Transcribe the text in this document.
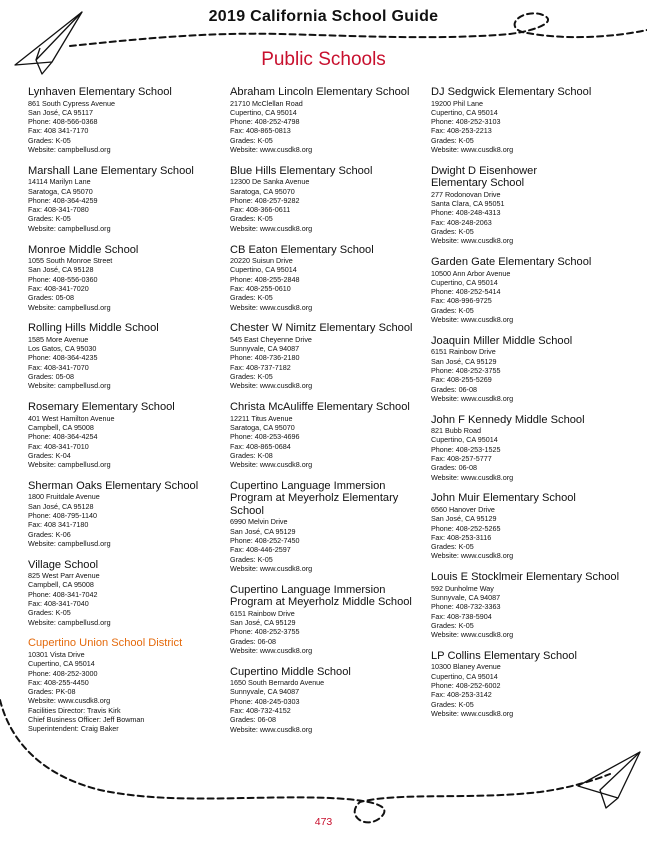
2019 California School Guide
Public Schools
Lynhaven Elementary School
861 South Cypress Avenue
San José, CA 95117
Phone: 408-566-0368
Fax: 408 341-7170
Grades: K-05
Website: campbellusd.org
Marshall Lane Elementary School
14114 Marilyn Lane
Saratoga, CA 95070
Phone: 408-364-4259
Fax: 408-341-7080
Grades: K-05
Website: campbellusd.org
Monroe Middle School
1055 South Monroe Street
San José, CA 95128
Phone: 408-556-0360
Fax: 408-341-7020
Grades: 05-08
Website: campbellusd.org
Rolling Hills Middle School
1585 More Avenue
Los Gatos, CA 95030
Phone: 408-364-4235
Fax: 408-341-7070
Grades: 05-08
Website: campbellusd.org
Rosemary Elementary School
401 West Hamilton Avenue
Campbell, CA 95008
Phone: 408-364-4254
Fax: 408-341-7010
Grades: K-04
Website: campbellusd.org
Sherman Oaks Elementary School
1800 Fruitdale Avenue
San José, CA 95128
Phone: 408-795-1140
Fax: 408 341-7180
Grades: K-06
Website: campbellusd.org
Village School
825 West Parr Avenue
Campbell, CA 95008
Phone: 408-341-7042
Fax: 408-341-7040
Grades: K-05
Website: campbellusd.org
Cupertino Union School District
10301 Vista Drive
Cupertino, CA 95014
Phone: 408-252-3000
Fax: 408-255-4450
Grades: PK-08
Website: www.cusdk8.org
Facilities Director: Travis Kirk
Chief Business Officer: Jeff Bowman
Superintendent: Craig Baker
Abraham Lincoln Elementary School
21710 McClellan Road
Cupertino, CA 95014
Phone: 408-252-4798
Fax: 408-865-0813
Grades: K-05
Website: www.cusdk8.org
Blue Hills Elementary School
12300 De Sanka Avenue
Saratoga, CA 95070
Phone: 408-257-9282
Fax: 408-366-0611
Grades: K-05
Website: www.cusdk8.org
CB Eaton Elementary School
20220 Suisun Drive
Cupertino, CA 95014
Phone: 408-255-2848
Fax: 408-255-0610
Grades: K-05
Website: www.cusdk8.org
Chester W Nimitz Elementary School
545 East Cheyenne Drive
Sunnyvale, CA 94087
Phone: 408-736-2180
Fax: 408-737-7182
Grades: K-05
Website: www.cusdk8.org
Christa McAuliffe Elementary School
12211 Titus Avenue
Saratoga, CA 95070
Phone: 408-253-4696
Fax: 408-865-0684
Grades: K-08
Website: www.cusdk8.org
Cupertino Language Immersion Program at Meyerholz Elementary School
6990 Melvin Drive
San José, CA 95129
Phone: 408-252-7450
Fax: 408-446-2597
Grades: K-05
Website: www.cusdk8.org
Cupertino Language Immersion Program at Meyerholz Middle School
6151 Rainbow Drive
San José, CA 95129
Phone: 408-252-3755
Grades: 06-08
Website: www.cusdk8.org
Cupertino Middle School
1650 South Bernardo Avenue
Sunnyvale, CA 94087
Phone: 408-245-0303
Fax: 408-732-4152
Grades: 06-08
Website: www.cusdk8.org
DJ Sedgwick Elementary School
19200 Phil Lane
Cupertino, CA 95014
Phone: 408-252-3103
Fax: 408-253-2213
Grades: K-05
Website: www.cusdk8.org
Dwight D Eisenhower Elementary School
277 Rodonovan Drive
Santa Clara, CA 95051
Phone: 408-248-4313
Fax: 408-248-2063
Grades: K-05
Website: www.cusdk8.org
Garden Gate Elementary School
10500 Ann Arbor Avenue
Cupertino, CA 95014
Phone: 408-252-5414
Fax: 408-996-9725
Grades: K-05
Website: www.cusdk8.org
Joaquin Miller Middle School
6151 Rainbow Drive
San José, CA 95129
Phone: 408-252-3755
Fax: 408-255-5269
Grades: 06-08
Website: www.cusdk8.org
John F Kennedy Middle School
821 Bubb Road
Cupertino, CA 95014
Phone: 408-253-1525
Fax: 408-257-5777
Grades: 06-08
Website: www.cusdk8.org
John Muir Elementary School
6560 Hanover Drive
San José, CA 95129
Phone: 408-252-5265
Fax: 408-253-3116
Grades: K-05
Website: www.cusdk8.org
Louis E Stocklmeir Elementary School
592 Dunholme Way
Sunnyvale, CA 94087
Phone: 408-732-3363
Fax: 408-738-5904
Grades: K-05
Website: www.cusdk8.org
LP Collins Elementary School
10300 Blaney Avenue
Cupertino, CA 95014
Phone: 408-252-6002
Fax: 408-253-3142
Grades: K-05
Website: www.cusdk8.org
473
